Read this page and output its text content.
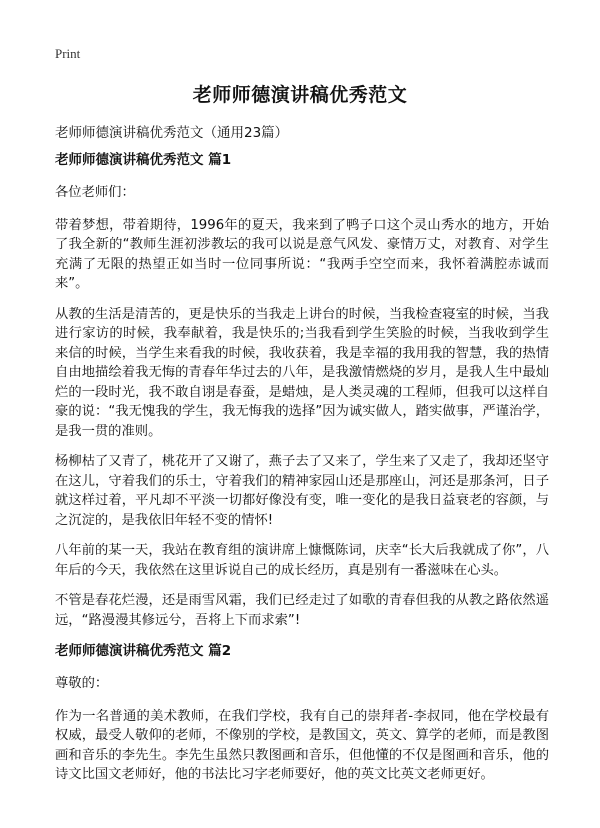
Print
老师师德演讲稿优秀范文

老师师德演讲稿优秀范文（通用23篇）

老师师德演讲稿优秀范文 篇1

各位老师们：

带着梦想，带着期待，1996年的夏天，我来到了鸭子口这个灵山秀水的地方，开始了我全新的“教师生涯初涉教坛的我可以说是意气风发、豪情万丈，对教育、对学生充满了无限的热望正如当时一位同事所说：“我两手空空而来，我怀着满腔赤诚而来”。

从教的生活是清苦的，更是快乐的当我走上讲台的时候，当我检查寝室的时候，当我进行家访的时候，我奉献着，我是快乐的;当我看到学生笑脸的时候，当我收到学生来信的时候，当学生来看我的时候，我收获着，我是幸福的我用我的智慧，我的热情自由地描绘着我无悔的青春年华过去的八年，是我激情燃烧的岁月，是我人生中最灿烂的一段时光，我不敢自诩是春蚕，是蜡烛，是人类灵魂的工程师，但我可以这样自豪的说：“我无愧我的学生，我无悔我的选择”因为诚实做人，踏实做事，严谨治学，是我一贯的准则。

杨柳枯了又青了，桃花开了又谢了，燕子去了又来了，学生来了又走了，我却还坚守在这儿，守着我们的乐士，守着我们的精神家园山还是那座山，河还是那条河，日子就这样过着，平凡却不平淡一切都好像没有变，唯一变化的是我日益衰老的容颜，与之沉淀的，是我依旧年轻不变的情怀!

八年前的某一天，我站在教育组的演讲席上慷慨陈词，庆幸“长大后我就成了你”，八年后的今天，我依然在这里诉说自己的成长经历，真是别有一番滋味在心头。

不管是春花烂漫，还是雨雪风霜，我们已经走过了如歌的青春但我的从教之路依然遥远，“路漫漫其修远兮，吾将上下而求索”!

老师师德演讲稿优秀范文 篇2

尊敬的：

作为一名普通的美术教师，在我们学校，我有自己的崇拜者-李叔同，他在学校最有权威，最受人敬仰的老师，不像别的学校，是教国文，英文、算学的老师，而是教图画和音乐的李先生。李先生虽然只教图画和音乐，但他懂的不仅是图画和音乐，他的诗文比国文老师好，他的书法比习字老师要好，他的英文比英文老师更好。
